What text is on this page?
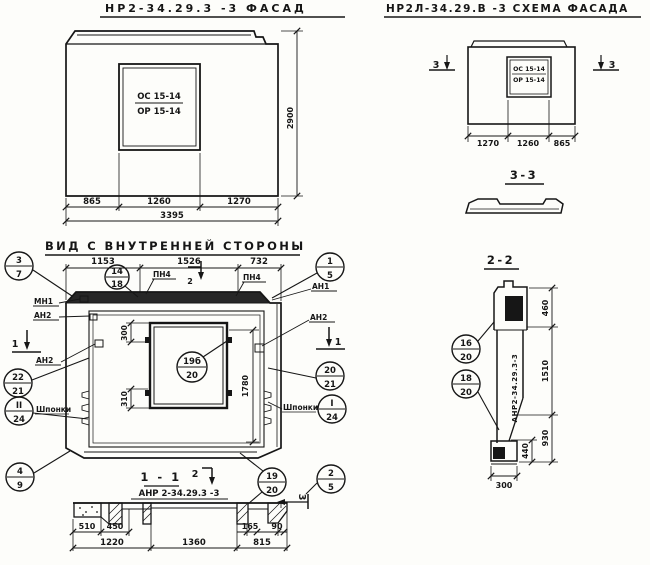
НР2-34.29.3 -3 ФАСАД
ОС 15-14
ОР 15-14	2900
865	1260	1270
3395
НР2Л-34.29.В -3 СХЕМА ФАСАДА
ОС 15-14
ОР 15-14
3	3
1270 1260 865
3-3
ВИД С ВНУТРЕННЕЙ СТОРОНЫ
1153	1526	732
300
310
1780
ПН4	ПН4
МН1
АН2
АН2
Шпонки
АН1
АН2
Шпонки
1	1
2
2
3
3
7	14
18
1
5
22
21
II
24
19б
20	20
21
I
24
4
9
19
20
2
5
1 - 1
АНР 2-34.29.3 -3
510 450	165 90
1220	1360	815
2-2
АНР2-34.29.3-3
460
1510
930
440
300
16
20
18
20
